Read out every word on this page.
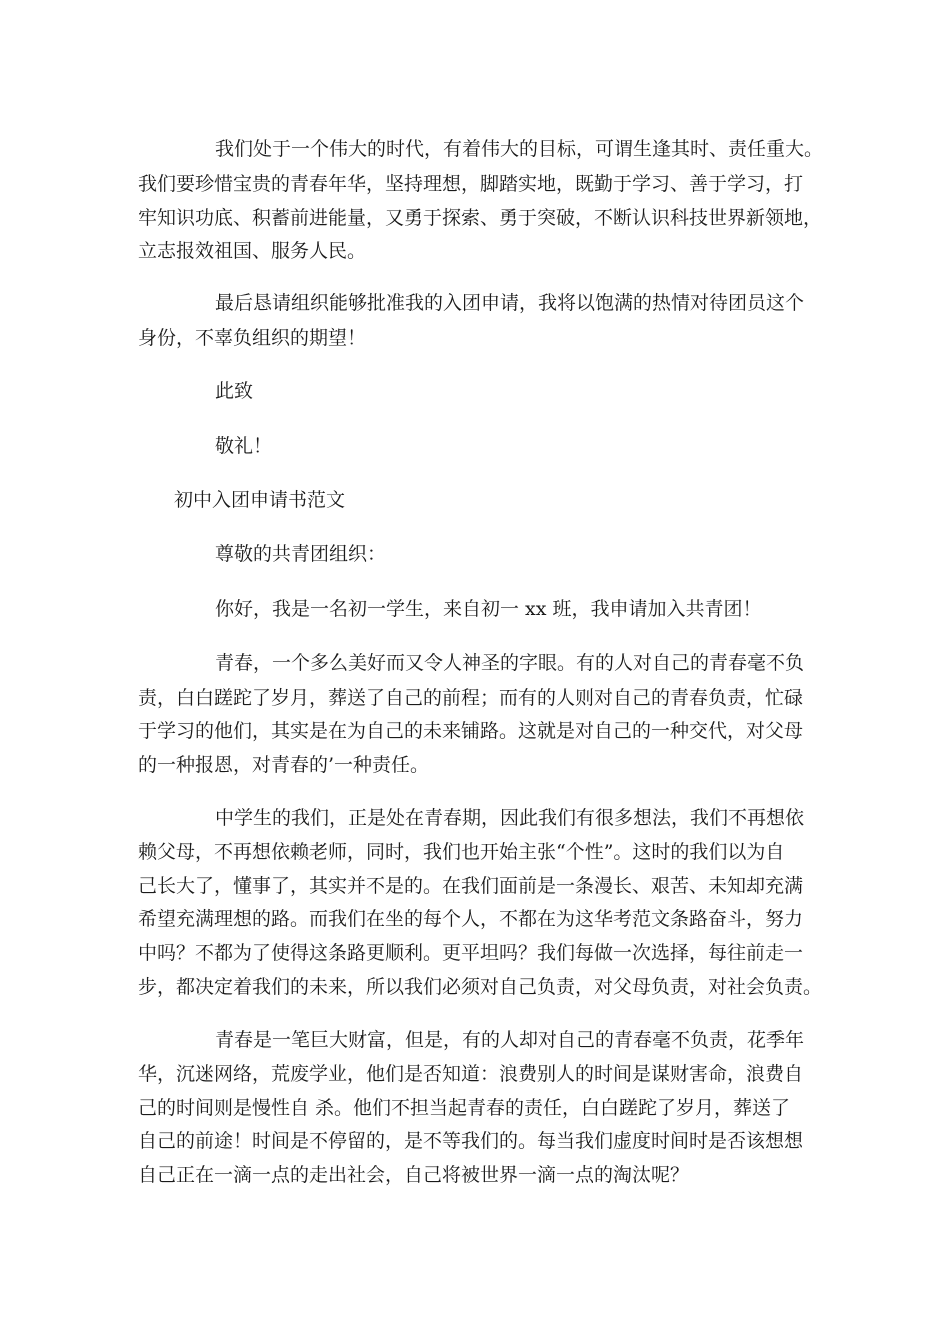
我们处于一个伟大的时代，有着伟大的目标，可谓生逢其时、责任重大。
我们要珍惜宝贵的青春年华，坚持理想，脚踏实地，既勤于学习、善于学习，打
牢知识功底、积蓄前进能量，又勇于探索、勇于突破，不断认识科技世界新领地，
立志报效祖国、服务人民。
最后恳请组织能够批准我的入团申请，我将以饱满的热情对待团员这个
身份，不辜负组织的期望！
此致
敬礼！
初中入团申请书范文
尊敬的共青团组织：
你好，我是一名初一学生，来自初一 xx 班，我申请加入共青团！
青春，一个多么美好而又令人神圣的字眼。有的人对自己的青春毫不负
责，白白蹉跎了岁月，葬送了自己的前程；而有的人则对自己的青春负责，忙碌
于学习的他们，其实是在为自己的未来铺路。这就是对自己的一种交代，对父母
的一种报恩，对青春的’一种责任。
中学生的我们，正是处在青春期，因此我们有很多想法，我们不再想依
赖父母，不再想依赖老师，同时，我们也开始主张“个性”。这时的我们以为自
己长大了，懂事了，其实并不是的。在我们面前是一条漫长、艰苦、未知却充满
希望充满理想的路。而我们在坐的每个人，不都在为这华考范文条路奋斗，努力
中吗？不都为了使得这条路更顺利。更平坦吗？我们每做一次选择，每往前走一
步，都决定着我们的未来，所以我们必须对自己负责，对父母负责，对社会负责。
青春是一笔巨大财富，但是，有的人却对自己的青春毫不负责，花季年
华，沉迷网络，荒废学业，他们是否知道：浪费别人的时间是谋财害命，浪费自
己的时间则是慢性自 杀。他们不担当起青春的责任，白白蹉跎了岁月，葬送了
自己的前途！时间是不停留的，是不等我们的。每当我们虚度时间时是否该想想
自己正在一滴一点的走出社会，自己将被世界一滴一点的淘汰呢？
